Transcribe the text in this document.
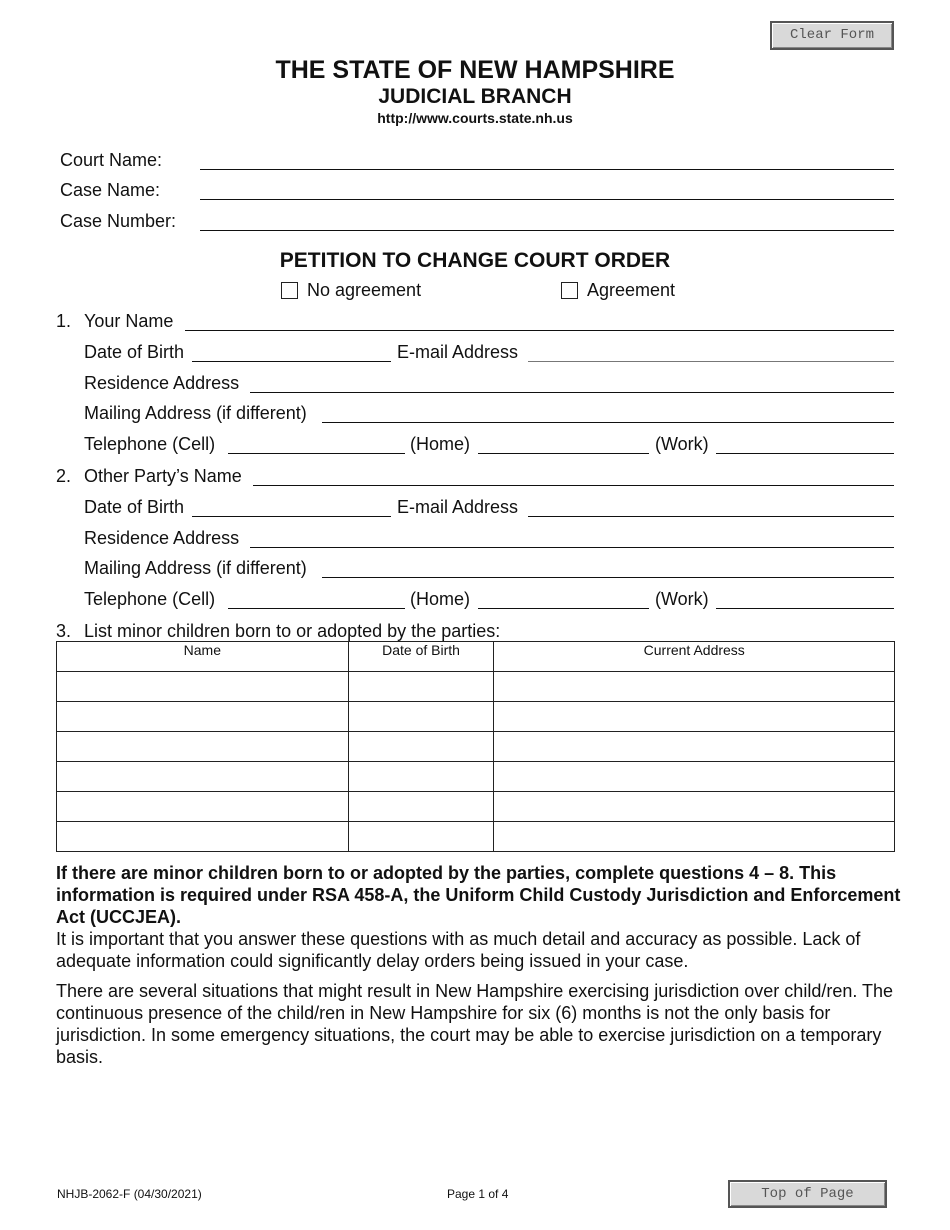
Clear Form
THE STATE OF NEW HAMPSHIRE
JUDICIAL BRANCH
http://www.courts.state.nh.us
Court Name:
Case Name:
Case Number:
PETITION TO CHANGE COURT ORDER
No agreement	Agreement
1. Your Name
Date of Birth	E-mail Address
Residence Address
Mailing Address (if different)
Telephone (Cell)	(Home)	(Work)
2. Other Party’s Name
Date of Birth	E-mail Address
Residence Address
Mailing Address (if different)
Telephone (Cell)	(Home)	(Work)
3. List minor children born to or adopted by the parties:
Name	Date of Birth	Current Address

If there are minor children born to or adopted by the parties, complete questions 4 – 8. This information is required under RSA 458-A, the Uniform Child Custody Jurisdiction and Enforcement Act (UCCJEA).
It is important that you answer these questions with as much detail and accuracy as possible. Lack of adequate information could significantly delay orders being issued in your case.
There are several situations that might result in New Hampshire exercising jurisdiction over child/ren. The continuous presence of the child/ren in New Hampshire for six (6) months is not the only basis for jurisdiction. In some emergency situations, the court may be able to exercise jurisdiction on a temporary basis.
NHJB-2062-F (04/30/2021)	Page 1 of 4	Top of Page
